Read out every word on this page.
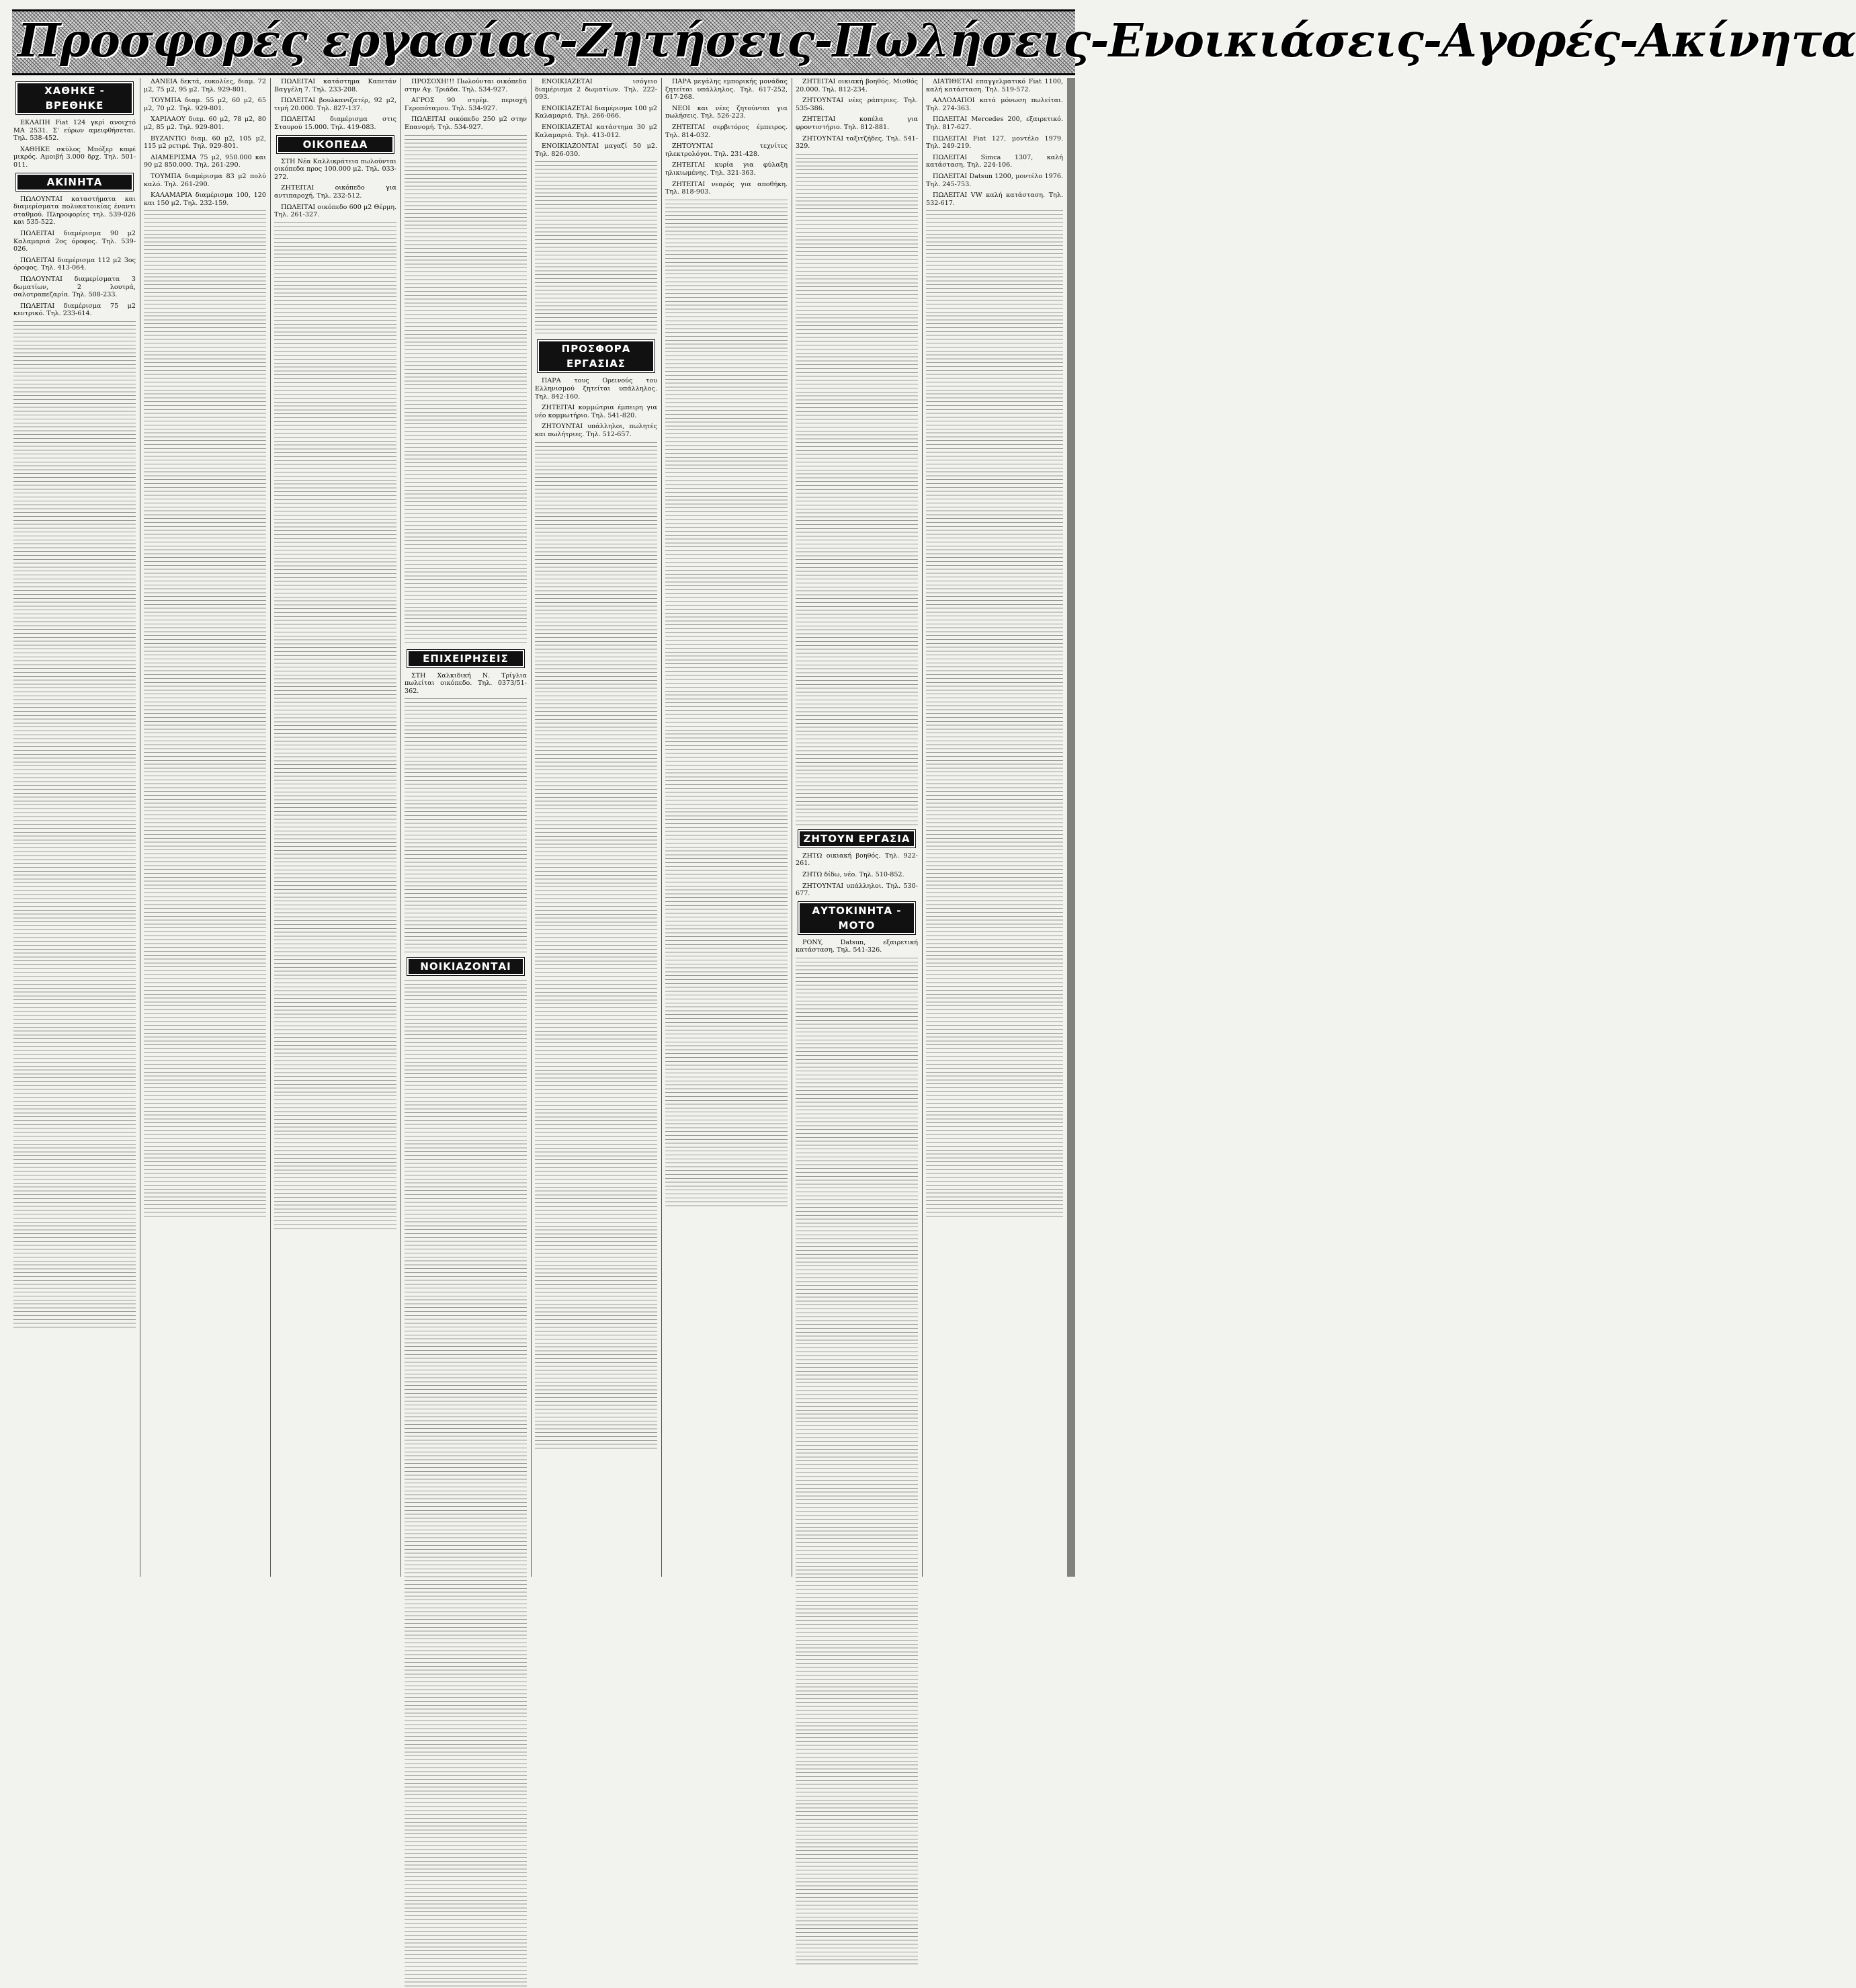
Προσφορές εργασίας-Ζητήσεις-Πωλήσεις-Ενοικιάσεις-Αγορές-Ακίνητα
ΧΑΘΗΚΕ - ΒΡΕΘΗΚΕ

ΕΚΛΑΠΗ Fiat 124 γκρί ανοιχτό ΜΑ 2531. Σ' εύρων αμειφθήσεται. Τηλ. 538-452.

ΧΑΘΗΚΕ σκύλος Μπόξερ καφέ μικρός. Αμοιβή 3.000 δρχ. Τηλ. 501-011.

ΑΚΙΝΗΤΑ

ΠΩΛΟΥΝΤΑΙ καταστήματα και διαμερίσματα πολυκατοικίας έναντι σταθμού. Πληροφορίες τηλ. 539-026 και 535-522.

ΠΩΛΕΙΤΑΙ διαμέρισμα 90 μ2 Καλαμαριά 2ος όροφος. Τηλ. 539-026.

ΠΩΛΕΙΤΑΙ διαμέρισμα 112 μ2 3ος όροφος. Τηλ. 413-064.

ΠΩΛΟΥΝΤΑΙ διαμερίσματα 3 δωματίων, 2 λουτρά, σαλοτραπεζαρία. Τηλ. 508-233.

ΠΩΛΕΙΤΑΙ διαμέρισμα 75 μ2 κεντρικό. Τηλ. 233-614.

ΔΑΝΕΙΑ δεκτά, ευκολίες, διαμ. 72 μ2, 75 μ2, 95 μ2. Τηλ. 929-801.

ΤΟΥΜΠΑ διαμ. 55 μ2, 60 μ2, 65 μ2, 70 μ2. Τηλ. 929-801.

ΧΑΡΙΛΑΟΥ διαμ. 60 μ2, 78 μ2, 80 μ2, 85 μ2. Τηλ. 929-801.

ΒΥΖΑΝΤΙΟ διαμ. 60 μ2, 105 μ2, 115 μ2 ρετιρέ. Τηλ. 929-801.

ΔΙΑΜΕΡΙΣΜΑ 75 μ2, 950.000 και 90 μ2 850.000. Τηλ. 261-290.

ΤΟΥΜΠΑ διαμέρισμα 83 μ2 πολύ καλό. Τηλ. 261-290.

ΚΑΛΑΜΑΡΙΑ διαμέρισμα 100, 120 και 150 μ2. Τηλ. 232-159.

ΠΩΛΕΙΤΑΙ κατάστημα Καπετάν Βαγγέλη 7. Τηλ. 233-208.

ΠΩΛΕΙΤΑΙ βουλκανιζατέρ, 92 μ2, τιμή 20.000. Τηλ. 827-137.

ΠΩΛΕΙΤΑΙ διαμέρισμα στις Σταυρού 15.000. Τηλ. 419-083.

ΟΙΚΟΠΕΔΑ

ΣΤΗ Νέα Καλλικράτεια πωλούνται οικόπεδα προς 100.000 μ2. Τηλ. 033-272.

ΖΗΤΕΙΤΑΙ οικόπεδο για αντιπαροχή. Τηλ. 232-512.

ΠΩΛΕΙΤΑΙ οικόπεδο 600 μ2 Θέρμη. Τηλ. 261-327.

ΠΡΟΣΟΧΗ!!! Πωλούνται οικόπεδα στην Αγ. Τριάδα. Τηλ. 534-927.

ΑΓΡΟΣ 90 στρέμ. περιοχή Γεροπόταμου. Τηλ. 534-927.

ΠΩΛΕΙΤΑΙ οικόπεδο 250 μ2 στην Επανομή. Τηλ. 534-927.

ΕΠΙΧΕΙΡΗΣΕΙΣ

ΣΤΗ Χαλκιδική Ν. Τρίγλια πωλείται οικόπεδο. Τηλ. 0373/51-362.

ΝΟΙΚΙΑΖΟΝΤΑΙ

ΕΝΟΙΚΙΑΖΕΤΑΙ ισόγειο διαμέρισμα 2 δωματίων. Τηλ. 222-093.

ΕΝΟΙΚΙΑΖΕΤΑΙ διαμέρισμα 100 μ2 Καλαμαριά. Τηλ. 266-066.

ΕΝΟΙΚΙΑΖΕΤΑΙ κατάστημα 30 μ2 Καλαμαριά. Τηλ. 413-012.

ΕΝΟΙΚΙΑΖΟΝΤΑΙ μαγαζί 50 μ2. Τηλ. 826-030.

ΠΡΟΣΦΟΡΑ ΕΡΓΑΣΙΑΣ

ΠΑΡΑ τους Ορεινούς του Ελληνισμού ζητείται υπάλληλος. Τηλ. 842-160.

ΖΗΤΕΙΤΑΙ κομμώτρια έμπειρη για νέο κομμωτήριο. Τηλ. 541-820.

ΖΗΤΟΥΝΤΑΙ υπάλληλοι, πωλητές και πωλήτριες. Τηλ. 512-657.

ΠΑΡΑ μεγάλης εμπορικής μονάδας ζητείται υπάλληλος. Τηλ. 617-252, 617-268.

ΝΕΟΙ και νέες ζητούνται για πωλήσεις. Τηλ. 526-223.

ΖΗΤΕΙΤΑΙ σερβιτόρος έμπειρος. Τηλ. 814-032.

ΖΗΤΟΥΝΤΑΙ τεχνίτες ηλεκτρολόγοι. Τηλ. 231-428.

ΖΗΤΕΙΤΑΙ κυρία για φύλαξη ηλικιωμένης. Τηλ. 321-363.

ΖΗΤΕΙΤΑΙ νεαρός για αποθήκη. Τηλ. 818-903.

ΖΗΤΕΙΤΑΙ οικιακή βοηθός. Μισθός 20.000. Τηλ. 812-234.

ΖΗΤΟΥΝΤΑΙ νέες ράπτριες. Τηλ. 535-386.

ΖΗΤΕΙΤΑΙ κοπέλα για φροντιστήριο. Τηλ. 812-881.

ΖΗΤΟΥΝΤΑΙ ταξιτζήδες. Τηλ. 541-329.

ΖΗΤΟΥΝ ΕΡΓΑΣΙΑ

ΖΗΤΩ οικιακή βοηθός. Τηλ. 922-261.

ΖΗΤΩ δίδω, νέο. Τηλ. 510-852.

ΖΗΤΟΥΝΤΑΙ υπάλληλοι. Τηλ. 530-677.

ΑΥΤΟΚΙΝΗΤΑ - ΜΟΤΟ

PONY, Datsun, εξαιρετική κατάσταση. Τηλ. 541-326.

ΔΙΑΤΙΘΕΤΑΙ επαγγελματικό Fiat 1100, καλή κατάσταση. Τηλ. 519-572.

ΑΛΛΟΔΑΠΟΙ κατά μόνωση πωλείται. Τηλ. 274-363.

ΠΩΛΕΙΤΑΙ Mercedes 200, εξαιρετικό. Τηλ. 817-627.

ΠΩΛΕΙΤΑΙ Fiat 127, μοντέλο 1979. Τηλ. 249-219.

ΠΩΛΕΙΤΑΙ Simca 1307, καλή κατάσταση. Τηλ. 224-106.

ΠΩΛΕΙΤΑΙ Datsun 1200, μοντέλο 1976. Τηλ. 245-753.

ΠΩΛΕΙΤΑΙ VW καλή κατάσταση. Τηλ. 532-617.
